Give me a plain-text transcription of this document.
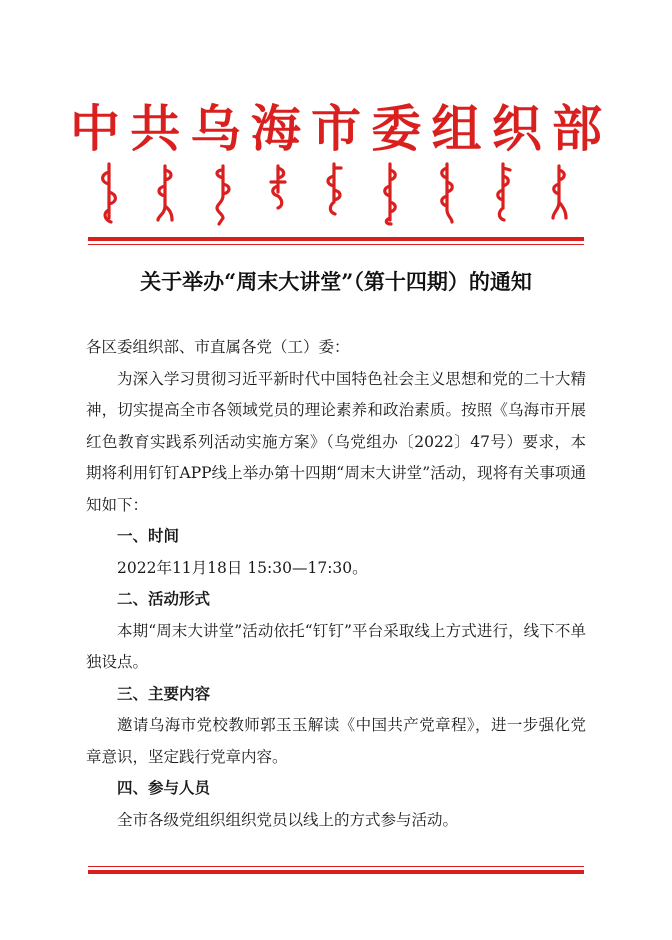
中 共 乌 海 市 委 组 织 部
关于举办“周末大讲堂”（第十四期）的通知

各区委组织部、市直属各党（工）委：

为深入学习贯彻习近平新时代中国特色社会主义思想和党的二十大精神，切实提高全市各领域党员的理论素养和政治素质。按照《乌海市开展红色教育实践系列活动实施方案》（乌党组办〔2022〕47号）要求，本期将利用钉钉APP线上举办第十四期“周末大讲堂”活动，现将有关事项通知如下：

一、时间

2022年11月18日 15:30—17:30。

二、活动形式

本期“周末大讲堂”活动依托“钉钉”平台采取线上方式进行，线下不单独设点。

三、主要内容

邀请乌海市党校教师郭玉玉解读《中国共产党章程》，进一步强化党章意识，坚定践行党章内容。

四、参与人员

全市各级党组织组织党员以线上的方式参与活动。
